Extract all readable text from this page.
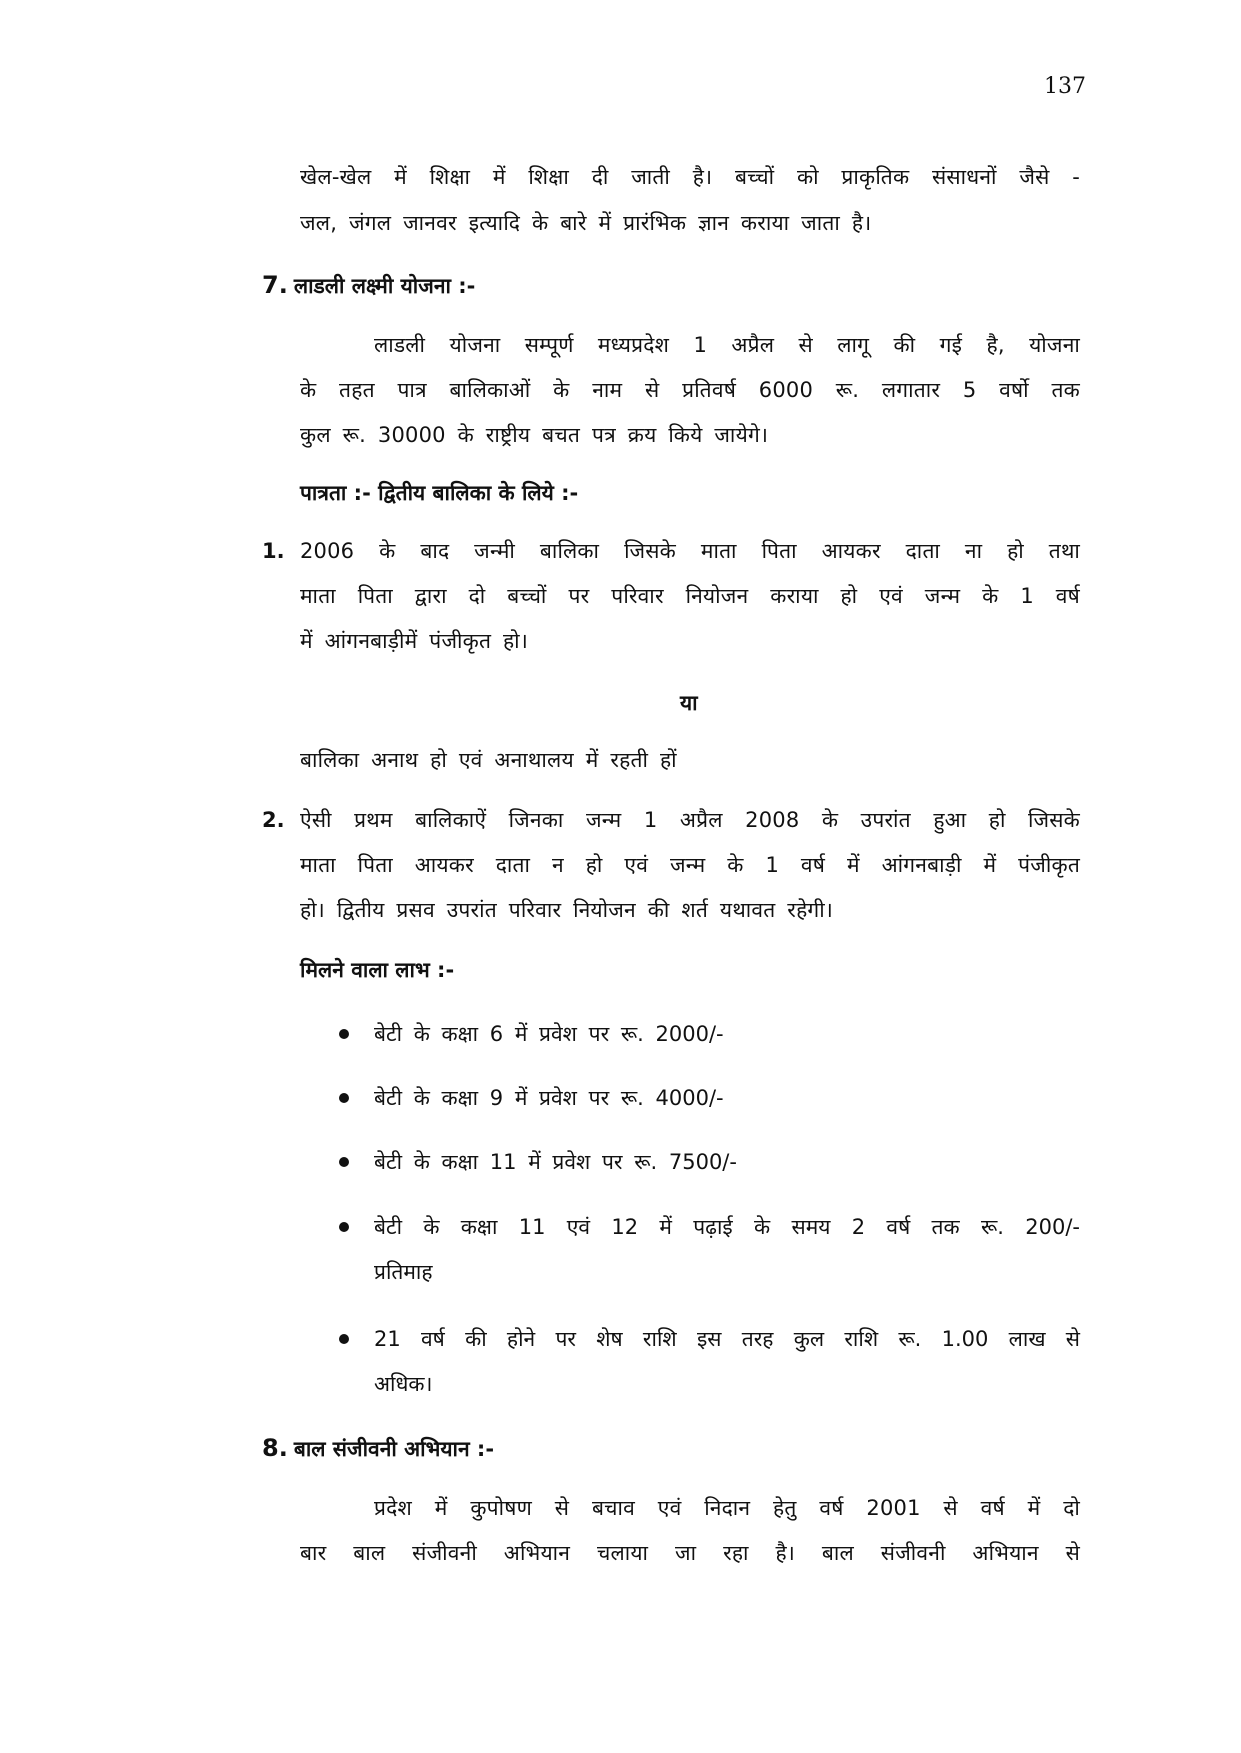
137
खेल-खेल में शिक्षा में शिक्षा दी जाती है। बच्चों को प्राकृतिक संसाधनों जैसे -
जल, जंगल जानवर इत्यादि के बारे में प्रारंभिक ज्ञान कराया जाता है।
7. लाडली लक्ष्मी योजना :-
लाडली योजना सम्पूर्ण मध्यप्रदेश 1 अप्रैल से लागू की गई है, योजना
के तहत पात्र बालिकाओं के नाम से प्रतिवर्ष 6000 रू. लगातार 5 वर्षो तक
कुल रू. 30000 के राष्ट्रीय बचत पत्र क्रय किये जायेगे।
पात्रता :- द्वितीय बालिका के लिये :-
1. 2006 के बाद जन्मी बालिका जिसके माता पिता आयकर दाता ना हो तथा
माता पिता द्वारा दो बच्चों पर परिवार नियोजन कराया हो एवं जन्म के 1 वर्ष
में आंगनबाड़ीमें पंजीकृत हो।
या
बालिका अनाथ हो एवं अनाथालय में रहती हों
2. ऐसी प्रथम बालिकाऐं जिनका जन्म 1 अप्रैल 2008 के उपरांत हुआ हो जिसके
माता पिता आयकर दाता न हो एवं जन्म के 1 वर्ष में आंगनबाड़ी में पंजीकृत
हो। द्वितीय प्रसव उपरांत परिवार नियोजन की शर्त यथावत रहेगी।
मिलने वाला लाभ :-
बेटी के कक्षा 6 में प्रवेश पर रू. 2000/-
बेटी के कक्षा 9 में प्रवेश पर रू. 4000/-
बेटी के कक्षा 11 में प्रवेश पर रू. 7500/-
बेटी के कक्षा 11 एवं 12 में पढ़ाई के समय 2 वर्ष तक रू. 200/-
प्रतिमाह
21 वर्ष की होने पर शेष राशि इस तरह कुल राशि रू. 1.00 लाख से
अधिक।
8. बाल संजीवनी अभियान :-
प्रदेश में कुपोषण से बचाव एवं निदान हेतु वर्ष 2001 से वर्ष में दो
बार बाल संजीवनी अभियान चलाया जा रहा है। बाल संजीवनी अभियान से
